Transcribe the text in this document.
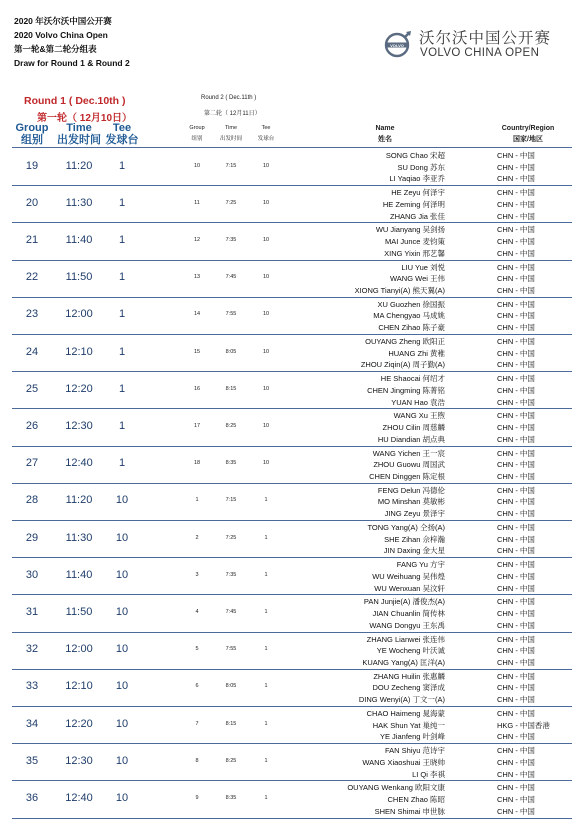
2020 年沃尔沃中国公开赛
2020 Volvo China Open
第一轮&第二轮分组表
Draw for Round 1 & Round 2
VOLVO 沃尔沃中国公开赛
VOLVO CHINA OPEN
Round 1 ( Dec.10th )
第一轮（ 12月10日）
Round 2 ( Dec.11th )
第二轮（ 12月11日）
Group
组别
Time
出发时间
Tee
发球台
Group
组别
Time
出发时间
Tee
发球台
Name
姓名
Country/Region
国家/地区
19	11:20	1	10	7:15	10
SONG Chao 宋超	CHN - 中国
SU Dong 苏东	CHN - 中国
LI Yaqiao 李亚乔	CHN - 中国
20	11:30	1	11	7:25	10
HE Zeyu 何泽宇	CHN - 中国
HE Zeming 何泽明	CHN - 中国
ZHANG Jia 张佳	CHN - 中国
21	11:40	1	12	7:35	10
WU Jianyang 吴剑扬	CHN - 中国
MAI Junce 麦钧策	CHN - 中国
XING Yixin 邢艺馨	CHN - 中国
22	11:50	1	13	7:45	10
LIU Yue 刘悦	CHN - 中国
WANG Wei 王伟	CHN - 中国
XIONG Tianyi(A) 熊天翼(A)	CHN - 中国
23	12:00	1	14	7:55	10
XU Guozhen 徐国振	CHN - 中国
MA Chengyao 马成姚	CHN - 中国
CHEN Zihao 陈子豪	CHN - 中国
24	12:10	1	15	8:05	10
OUYANG Zheng 欧阳正	CHN - 中国
HUANG Zhi 黄稚	CHN - 中国
ZHOU Ziqin(A) 周子勤(A)	CHN - 中国
25	12:20	1	16	8:15	10
HE Shaocai 何绍才	CHN - 中国
CHEN Jingming 陈菁铭	CHN - 中国
YUAN Hao 袁浩	CHN - 中国
26	12:30	1	17	8:25	10
WANG Xu 王煦	CHN - 中国
ZHOU Cilin 周慈麟	CHN - 中国
HU Diandian 胡点典	CHN - 中国
27	12:40	1	18	8:35	10
WANG Yichen 王一宸	CHN - 中国
ZHOU Guowu 周国武	CHN - 中国
CHEN Dinggen 陈定根	CHN - 中国
28	11:20	10	1	7:15	1
FENG Delun 冯德伦	CHN - 中国
MO Minshan 莫敏彬	CHN - 中国
JING Zeyu 景泽宇	CHN - 中国
29	11:30	10	2	7:25	1
TONG Yang(A) 仝扬(A)	CHN - 中国
SHE Zihan 佘梓瀚	CHN - 中国
JIN Daxing 金大星	CHN - 中国
30	11:40	10	3	7:35	1
FANG Yu 方宇	CHN - 中国
WU Weihuang 吴伟煌	CHN - 中国
WU Wenxuan 吴汶轩	CHN - 中国
31	11:50	10	4	7:45	1
PAN Junjie(A) 潘俊杰(A)	CHN - 中国
JIAN Chuanlin 简传林	CHN - 中国
WANG Dongyu 王东禹	CHN - 中国
32	12:00	10	5	7:55	1
ZHANG Lianwei 张连伟	CHN - 中国
YE Wocheng 叶沃诚	CHN - 中国
KUANG Yang(A) 匡洋(A)	CHN - 中国
33	12:10	10	6	8:05	1
ZHANG Huilin 张惠麟	CHN - 中国
DOU Zecheng 窦泽成	CHN - 中国
DING Wenyi(A) 丁文一(A)	CHN - 中国
34	12:20	10	7	8:15	1
CHAO Haimeng 晁海蒙	CHN - 中国
HAK Shun Yat 巢纯一	HKG - 中国香港
YE Jianfeng 叶剑峰	CHN - 中国
35	12:30	10	8	8:25	1
FAN Shiyu 范诗宇	CHN - 中国
WANG Xiaoshuai 王晓帅	CHN - 中国
LI Qi 李祺	CHN - 中国
36	12:40	10	9	8:35	1
OUYANG Wenkang 欧阳文康	CHN - 中国
CHEN Zhao 陈昭	CHN - 中国
SHEN Shimai 申世脉	CHN - 中国
